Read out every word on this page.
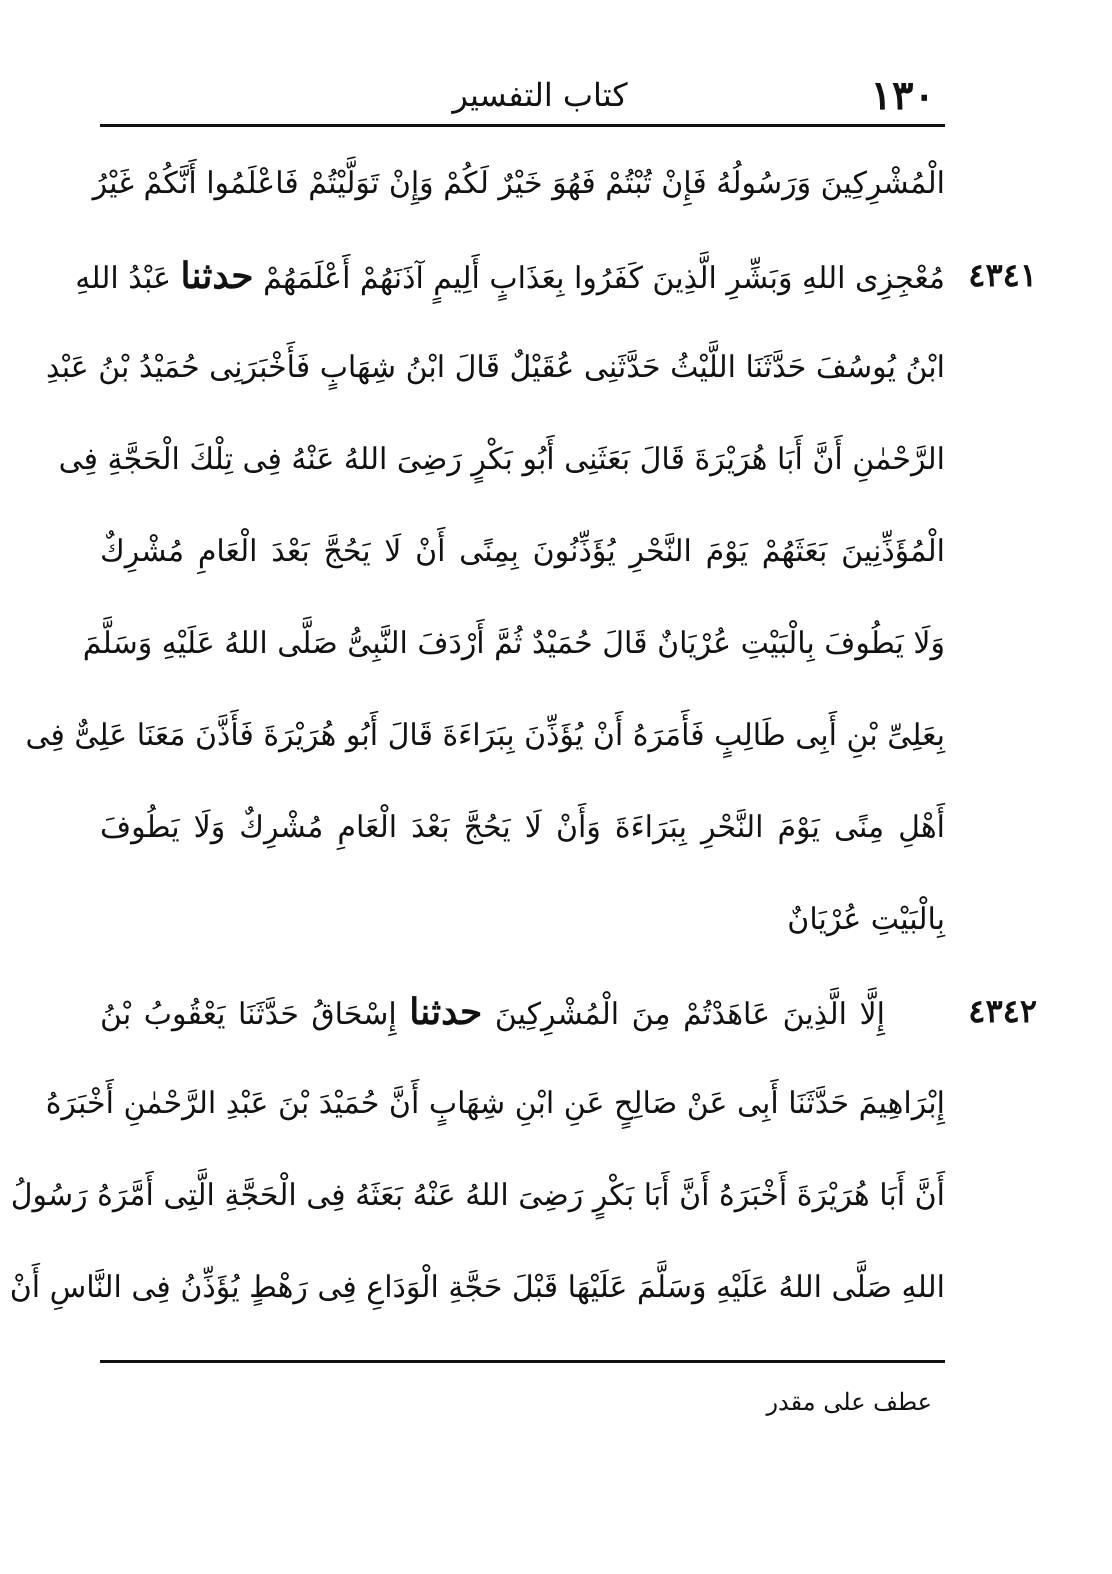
١٣٠
كتاب التفسير
الْمُشْرِكِينَ وَرَسُولُهُ فَإِنْ تُبْتُمْ فَهُوَ خَيْرٌ لَكُمْ وَإِنْ تَوَلَّيْتُمْ فَاعْلَمُوا أَنَّكُمْ غَيْرُ
٤٣٤١
مُعْجِزِى اللهِ وَبَشِّرِ الَّذِينَ كَفَرُوا بِعَذَابٍ أَلِيمٍ آذَنَهُمْ أَعْلَمَهُمْ حدثنا عَبْدُ اللهِ
ابْنُ يُوسُفَ حَدَّثَنَا اللَّيْثُ حَدَّثَنِى عُقَيْلٌ قَالَ ابْنُ شِهَابٍ فَأَخْبَرَنِى حُمَيْدُ بْنُ عَبْدِ
الرَّحْمٰنِ أَنَّ أَبَا هُرَيْرَةَ قَالَ بَعَثَنِى أَبُو بَكْرٍ رَضِىَ اللهُ عَنْهُ فِى تِلْكَ الْحَجَّةِ فِى
الْمُؤَذِّنِينَ بَعَثَهُمْ يَوْمَ النَّحْرِ يُؤَذِّنُونَ بِمِنًى أَنْ لَا يَحُجَّ بَعْدَ الْعَامِ مُشْرِكٌ
وَلَا يَطُوفَ بِالْبَيْتِ عُرْيَانٌ قَالَ حُمَيْدٌ ثُمَّ أَرْدَفَ النَّبِىُّ صَلَّى اللهُ عَلَيْهِ وَسَلَّمَ
بِعَلِىِّ بْنِ أَبِى طَالِبٍ فَأَمَرَهُ أَنْ يُؤَذِّنَ بِبَرَاءَةَ قَالَ أَبُو هُرَيْرَةَ فَأَذَّنَ مَعَنَا عَلِىٌّ فِى
أَهْلِ مِنًى يَوْمَ النَّحْرِ بِبَرَاءَةَ وَأَنْ لَا يَحُجَّ بَعْدَ الْعَامِ مُشْرِكٌ وَلَا يَطُوفَ
بِالْبَيْتِ عُرْيَانٌ
٤٣٤٢
إِلَّا الَّذِينَ عَاهَدْتُمْ مِنَ الْمُشْرِكِينَ حدثنا إِسْحَاقُ حَدَّثَنَا يَعْقُوبُ بْنُ
إِبْرَاهِيمَ حَدَّثَنَا أَبِى عَنْ صَالِحٍ عَنِ ابْنِ شِهَابٍ أَنَّ حُمَيْدَ بْنَ عَبْدِ الرَّحْمٰنِ أَخْبَرَهُ
أَنَّ أَبَا هُرَيْرَةَ أَخْبَرَهُ أَنَّ أَبَا بَكْرٍ رَضِىَ اللهُ عَنْهُ بَعَثَهُ فِى الْحَجَّةِ الَّتِى أَمَّرَهُ رَسُولُ
اللهِ صَلَّى اللهُ عَلَيْهِ وَسَلَّمَ عَلَيْهَا قَبْلَ حَجَّةِ الْوَدَاعِ فِى رَهْطٍ يُؤَذِّنُ فِى النَّاسِ أَنْ
عطف على مقدر
